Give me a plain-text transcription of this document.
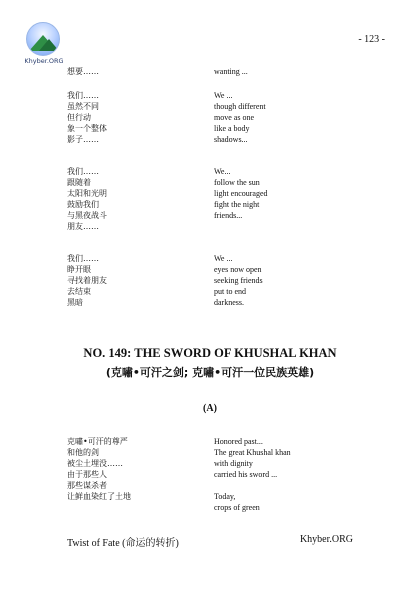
Khyber.ORG
- 123 -
想要……	wanting ...
我们……
虽然不同
但行动
象一个整体
影子……
We ...
though different
move as one
like a body
shadows...
我们……
跟随着
太阳和光明
鼓励我们
与黑夜战斗
朋友……
We...
follow the sun
light encouraged
fight the night
friends...
我们……
睁开眼
寻找着朋友
去结束
黑暗
We ...
eyes now open
seeking friends
put to end
darkness.
NO. 149: THE SWORD OF KHUSHAL KHAN
(克嘯•可汗之剑; 克嘯•可汗一位民族英雄)
(A)
克嘯•可汗的尊严
和他的剑
被尘土埋没……
由于那些人
那些谋杀者
让鲜血染红了土地
Honored past...
The great Khushal khan
with dignity
carried his sword ...
Today,
crops of green
Twist of Fate (命运的转折)	Khyber.ORG
